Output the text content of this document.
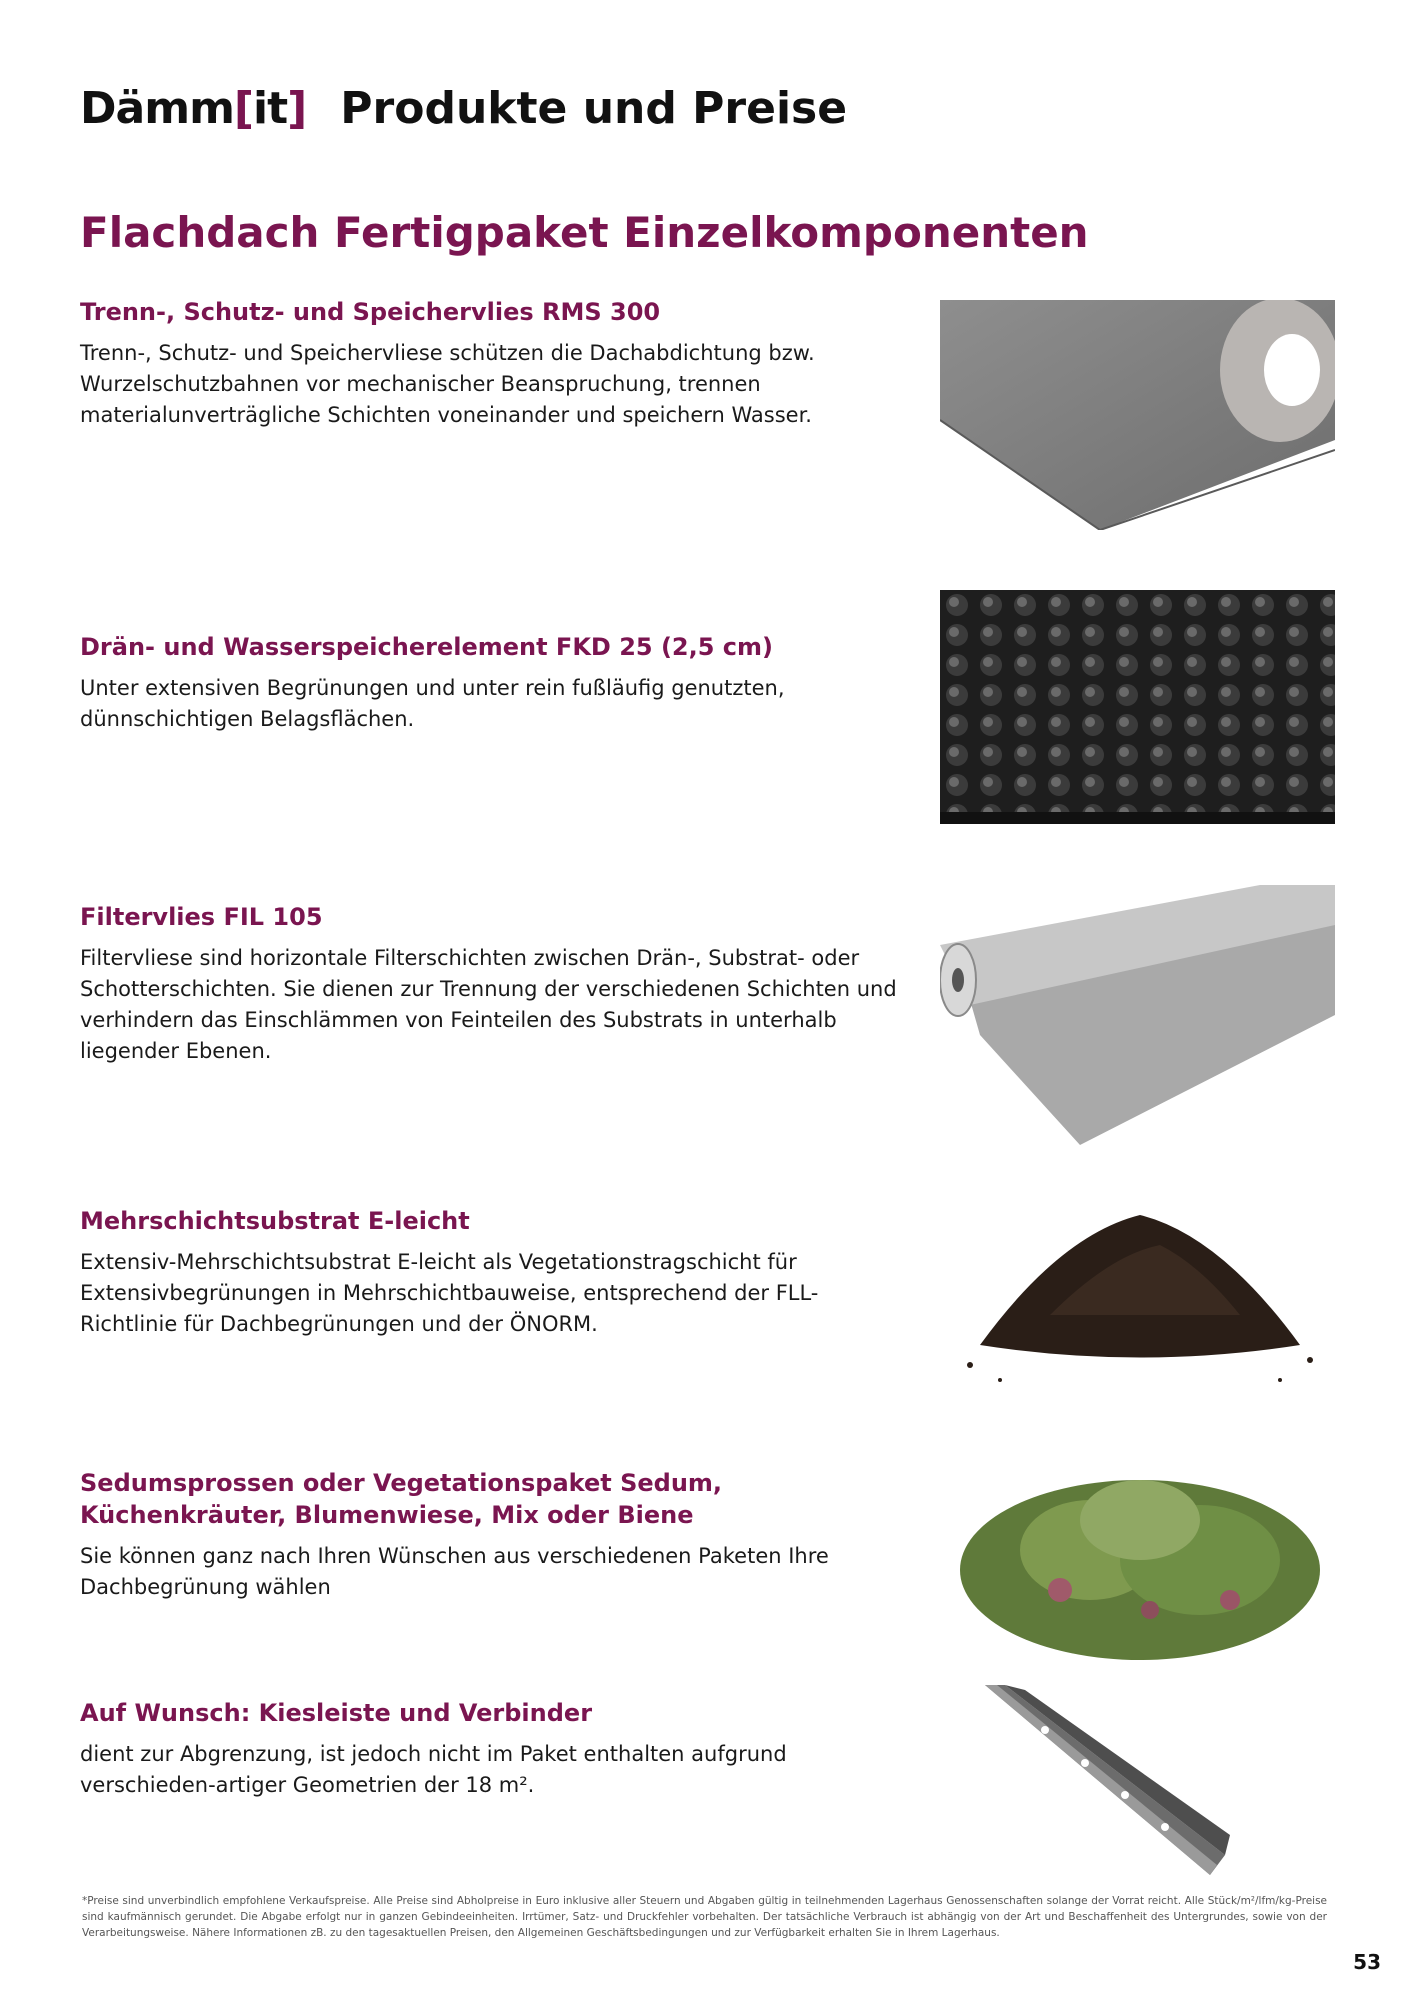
Dämm [ it ] Produkte und Preise
Flachdach Fertigpaket Einzelkomponenten
Trenn-, Schutz- und Speichervlies RMS 300

Trenn-, Schutz- und Speichervliese schützen die Dachabdichtung bzw. Wurzelschutzbahnen vor mechanischer Beanspruchung, trennen materialunverträgliche Schichten voneinander und speichern Wasser.

Drän- und Wasserspeicherelement FKD 25 (2,5 cm)

Unter extensiven Begrünungen und unter rein fußläufig genutzten, dünnschichtigen Belagsflächen.

Filtervlies FIL 105

Filtervliese sind horizontale Filterschichten zwischen Drän-, Substrat- oder Schotterschichten. Sie dienen zur Trennung der verschiedenen Schichten und verhindern das Einschlämmen von Feinteilen des Substrats in unterhalb liegender Ebenen.

Mehrschichtsubstrat E-leicht

Extensiv-Mehrschichtsubstrat E-leicht als Vegetationstragschicht für Extensivbegrünungen in Mehrschichtbauweise, entsprechend der FLL-Richtlinie für Dachbegrünungen und der ÖNORM.

Sedumsprossen oder Vegetationspaket Sedum, Küchenkräuter, Blumenwiese, Mix oder Biene

Sie können ganz nach Ihren Wünschen aus verschiedenen Paketen Ihre Dachbegrünung wählen

Auf Wunsch: Kiesleiste und Verbinder

dient zur Abgrenzung, ist jedoch nicht im Paket enthalten aufgrund verschieden-artiger Geometrien der 18 m².

*Preise sind unverbindlich empfohlene Verkaufspreise. Alle Preise sind Abholpreise in Euro inklusive aller Steuern und Abgaben gültig in teilnehmenden Lagerhaus Genossenschaften solange der Vorrat reicht. Alle Stück/m²/lfm/kg-Preise sind kaufmännisch gerundet. Die Abgabe erfolgt nur in ganzen Gebindeeinheiten. Irrtümer, Satz- und Druckfehler vorbehalten. Der tatsächliche Verbrauch ist abhängig von der Art und Beschaffenheit des Untergrundes, sowie von der Verarbeitungsweise. Nähere Informationen zB. zu den tagesaktuellen Preisen, den Allgemeinen Geschäftsbedingungen und zur Verfügbarkeit erhalten Sie in Ihrem Lagerhaus.

53
